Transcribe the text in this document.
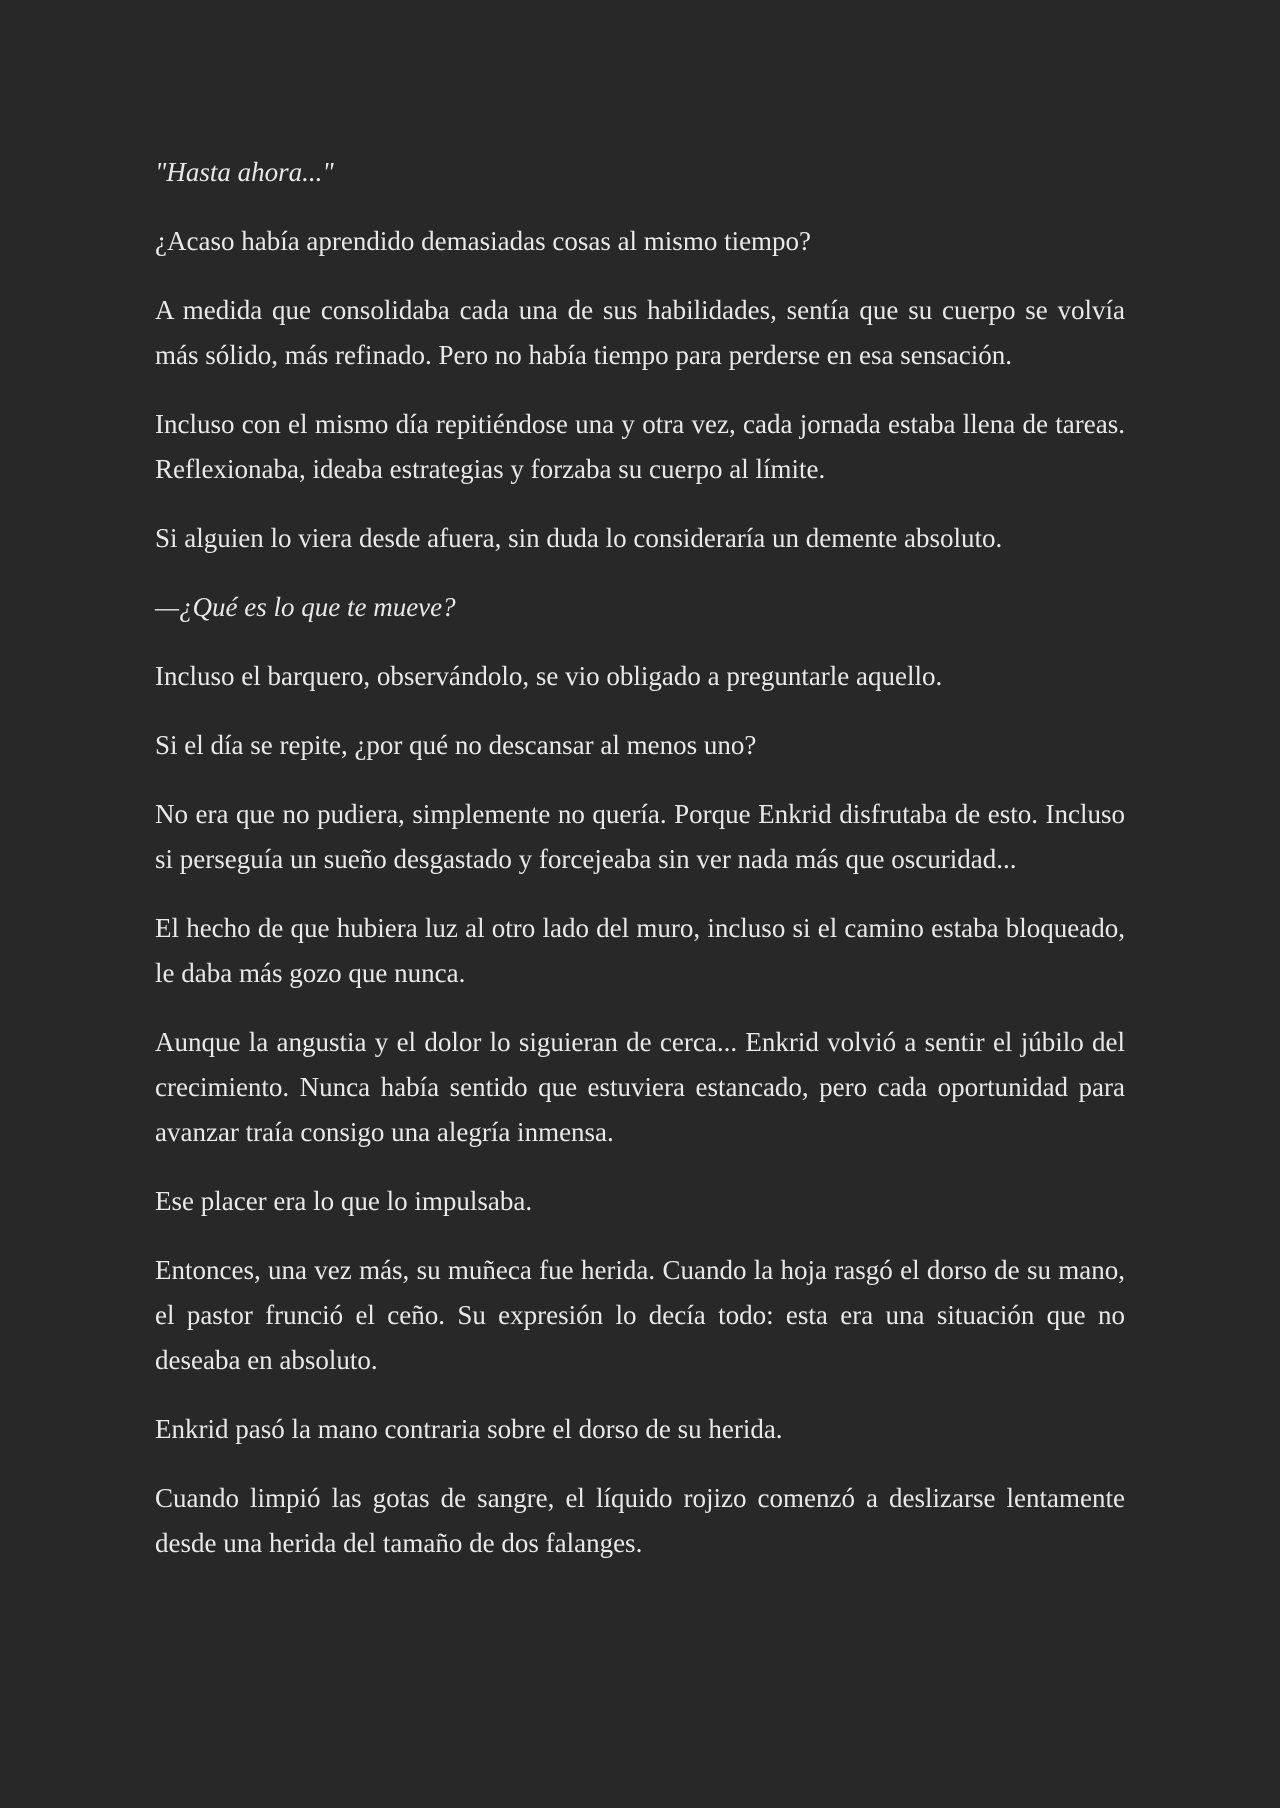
"Hasta ahora..."

¿Acaso había aprendido demasiadas cosas al mismo tiempo?

A medida que consolidaba cada una de sus habilidades, sentía que su cuerpo se volvía más sólido, más refinado. Pero no había tiempo para perderse en esa sensación.

Incluso con el mismo día repitiéndose una y otra vez, cada jornada estaba llena de tareas. Reflexionaba, ideaba estrategias y forzaba su cuerpo al límite.

Si alguien lo viera desde afuera, sin duda lo consideraría un demente absoluto.

—¿Qué es lo que te mueve?

Incluso el barquero, observándolo, se vio obligado a preguntarle aquello.

Si el día se repite, ¿por qué no descansar al menos uno?

No era que no pudiera, simplemente no quería. Porque Enkrid disfrutaba de esto. Incluso si perseguía un sueño desgastado y forcejeaba sin ver nada más que oscuridad...

El hecho de que hubiera luz al otro lado del muro, incluso si el camino estaba bloqueado, le daba más gozo que nunca.

Aunque la angustia y el dolor lo siguieran de cerca... Enkrid volvió a sentir el júbilo del crecimiento. Nunca había sentido que estuviera estancado, pero cada oportunidad para avanzar traía consigo una alegría inmensa.

Ese placer era lo que lo impulsaba.

Entonces, una vez más, su muñeca fue herida. Cuando la hoja rasgó el dorso de su mano, el pastor frunció el ceño. Su expresión lo decía todo: esta era una situación que no deseaba en absoluto.

Enkrid pasó la mano contraria sobre el dorso de su herida.

Cuando limpió las gotas de sangre, el líquido rojizo comenzó a deslizarse lentamente desde una herida del tamaño de dos falanges.
